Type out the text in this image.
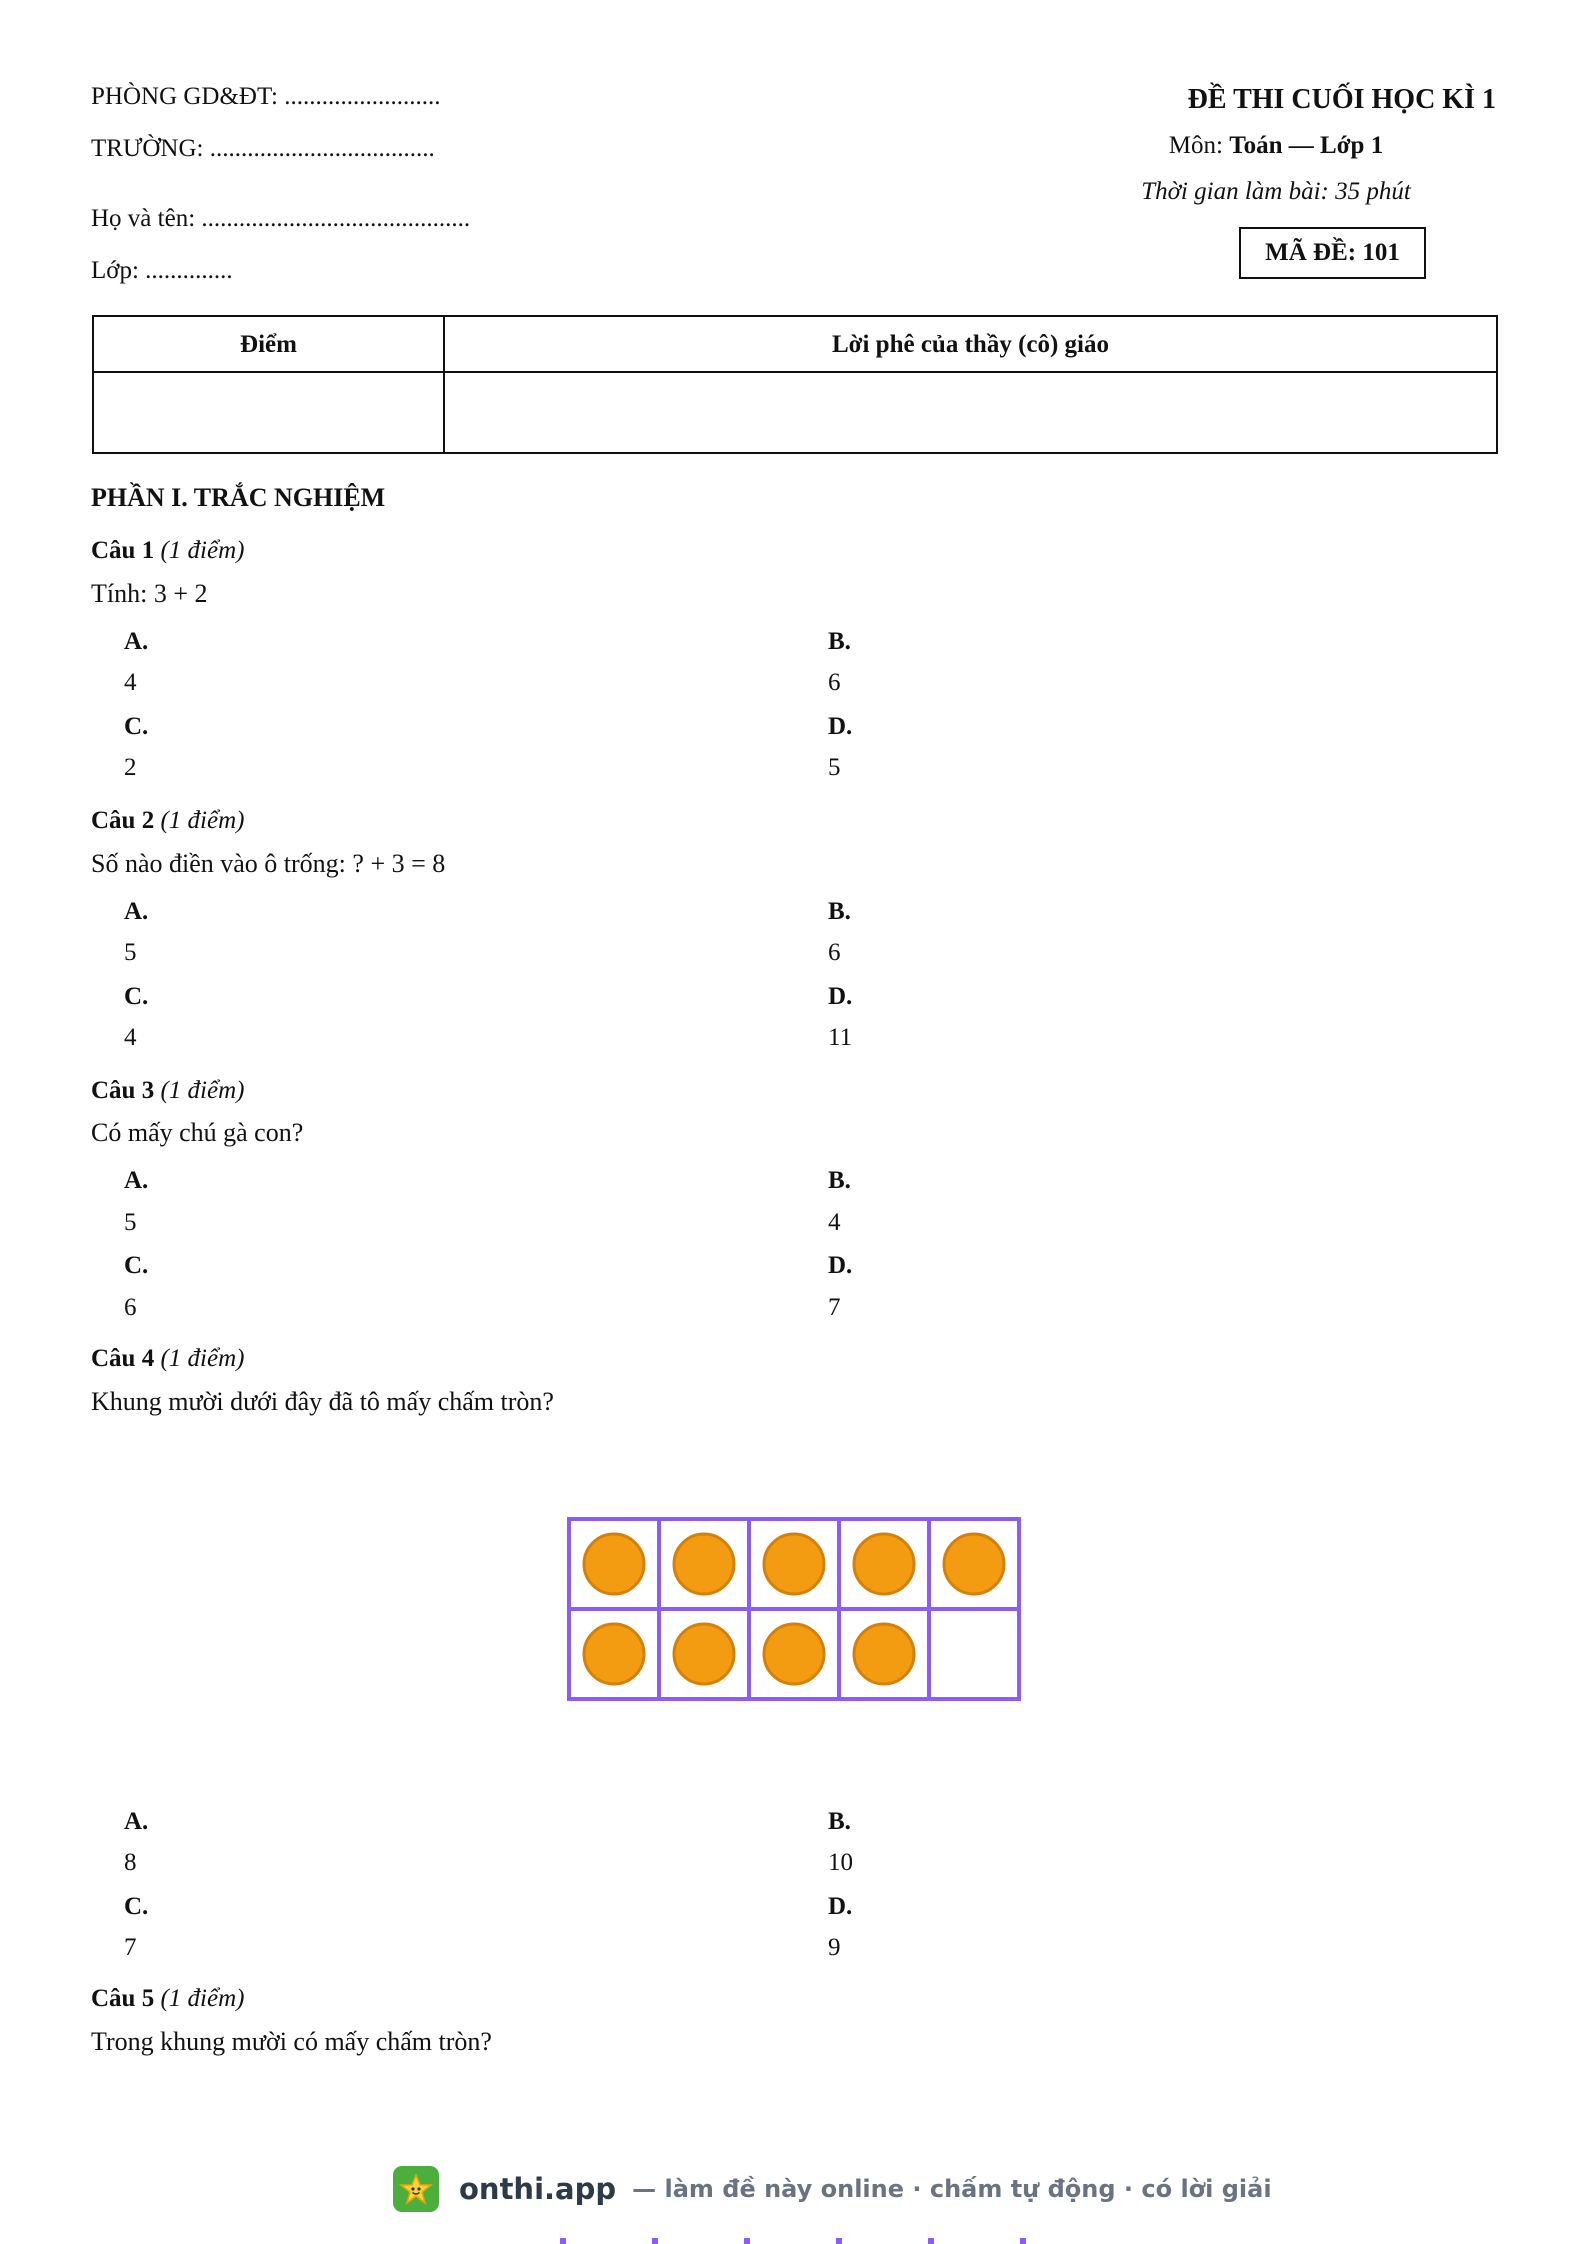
PHÒNG GD&ĐT: .........................
TRƯỜNG: ....................................
Họ và tên: ...........................................
Lớp: ..............
ĐỀ THI CUỐI HỌC KÌ 1
Môn: Toán — Lớp 1
Thời gian làm bài: 35 phút
MÃ ĐỀ: 101
Điểm	Lời phê của thầy (cô) giáo
PHẦN I. TRẮC NGHIỆM
Câu 1 (1 điểm)
Tính: 3 + 2
A.
4
B.
6
C.
2
D.
5
Câu 2 (1 điểm)
Số nào điền vào ô trống: ? + 3 = 8
A.
5
B.
6
C.
4
D.
11
Câu 3 (1 điểm)
Có mấy chú gà con?
A.
5
B.
4
C.
6
D.
7
Câu 4 (1 điểm)
Khung mười dưới đây đã tô mấy chấm tròn?
A.
8
B.
10
C.
7
D.
9
Câu 5 (1 điểm)
Trong khung mười có mấy chấm tròn?
onthi.app — làm đề này online · chấm tự động · có lời giải
